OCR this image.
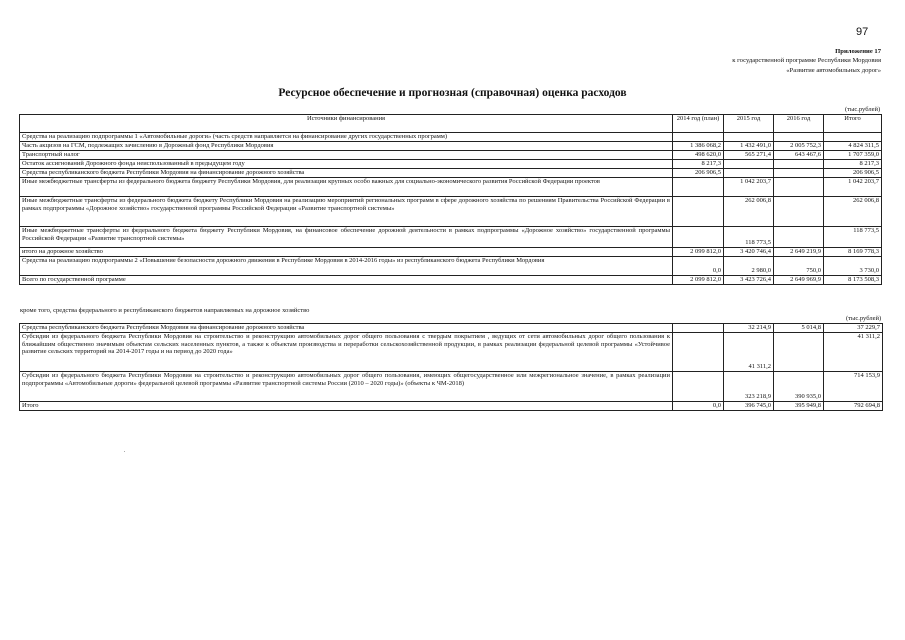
97
Приложение 17
к государственной программе Республики Мордовия
«Развитие автомобильных дорог»
Ресурсное обеспечение и прогнозная (справочная) оценка расходов
(тыс.рублей)
Источники финансирования	2014 год (план)	2015 год	2016 год	Итого
Средства на реализацию подпрограммы 1 «Автомобильные дороги» (часть средств направляется на финансирование других государственных программ)				
Часть акцизов на ГСМ, подлежащих зачислению в Дорожный фонд Республики Мордовия	1 386 068,2	1 432 491,0	2 005 752,3	4 824 311,5
Транспортный налог	498 620,0	565 271,4	643 467,6	1 707 359,0
Остаток ассигнований Дорожного фонда неиспользованный в предыдущем году	8 217,3			8 217,3
Средства республиканского бюджета Республики Мордовия на финансирование дорожного хозяйства	206 906,5			206 906,5
Иные межбюджетные трансферты из федерального бюджета бюджету Республики Мордовия, для реализации крупных особо важных для социально-экономического развития Российской Федерации проектов		1 042 203,7		1 042 203,7
Иные межбюджетные трансферты из федерального бюджета бюджету Республики Мордовия на реализацию мероприятий региональных программ в сфере дорожного хозяйства по решениям Правительства Российской Федерации в рамках подпрограммы «Дорожное хозяйство» государственной программы Российской Федерации «Развитие транспортной системы»		262 006,8		262 006,8
Иные межбюджетные трансферты из федерального бюджета бюджету Республики Мордовия, на финансовое обеспечение дорожной деятельности в рамках подпрограммы «Дорожное хозяйство» государственной программы Российской Федерации «Развитие транспортной системы»		118 773,5		118 773,5
итого на дорожное хозяйство	2 099 812,0	3 420 746,4	2 649 219,9	8 169 778,3
Средства на реализацию подпрограммы 2 «Повышение безопасности дорожного движения в Республике Мордовия в 2014-2016 годы» из республиканского бюджета Республики Мордовия	0,0	2 980,0	750,0	3 730,0
Всего по государственной программе	2 099 812,0	3 423 726,4	2 649 969,9	8 173 508,3
кроме того, средства федерального и республиканского бюджетов направляемых на дорожное хозяйство
(тыс.рублей)
Средства республиканского бюджета Республики Мордовия на финансирование дорожного хозяйства		32 214,9	5 014,8	37 229,7
Субсидии из федерального бюджета Республики Мордовия на строительство и реконструкцию автомобильных дорог общего пользования с твердым покрытием , ведущих от сети автомобильных дорог общего пользования к ближайшим общественно значимым объектам сельских населенных пунктов, а также к объектам производства и переработки сельскохозяйственной продукции, в рамках реализации федеральной целевой программы «Устойчивое развитие сельских территорий на 2014-2017 годы и на период до 2020 года»		41 311,2		41 311,2
Субсидии из федерального бюджета Республики Мордовия на строительство и реконструкцию автомобильных дорог общего пользования, имеющих общегосударственное или межрегиональное значение, в рамках реализации подпрограммы «Автомобильные дороги» федеральной целевой программы «Развитие транспортной системы России (2010 – 2020 годы)» (объекты к ЧМ-2018)		323 218,9	390 935,0	714 153,9
Итого	0,0	396 745,0	395 949,8	792 694,8
